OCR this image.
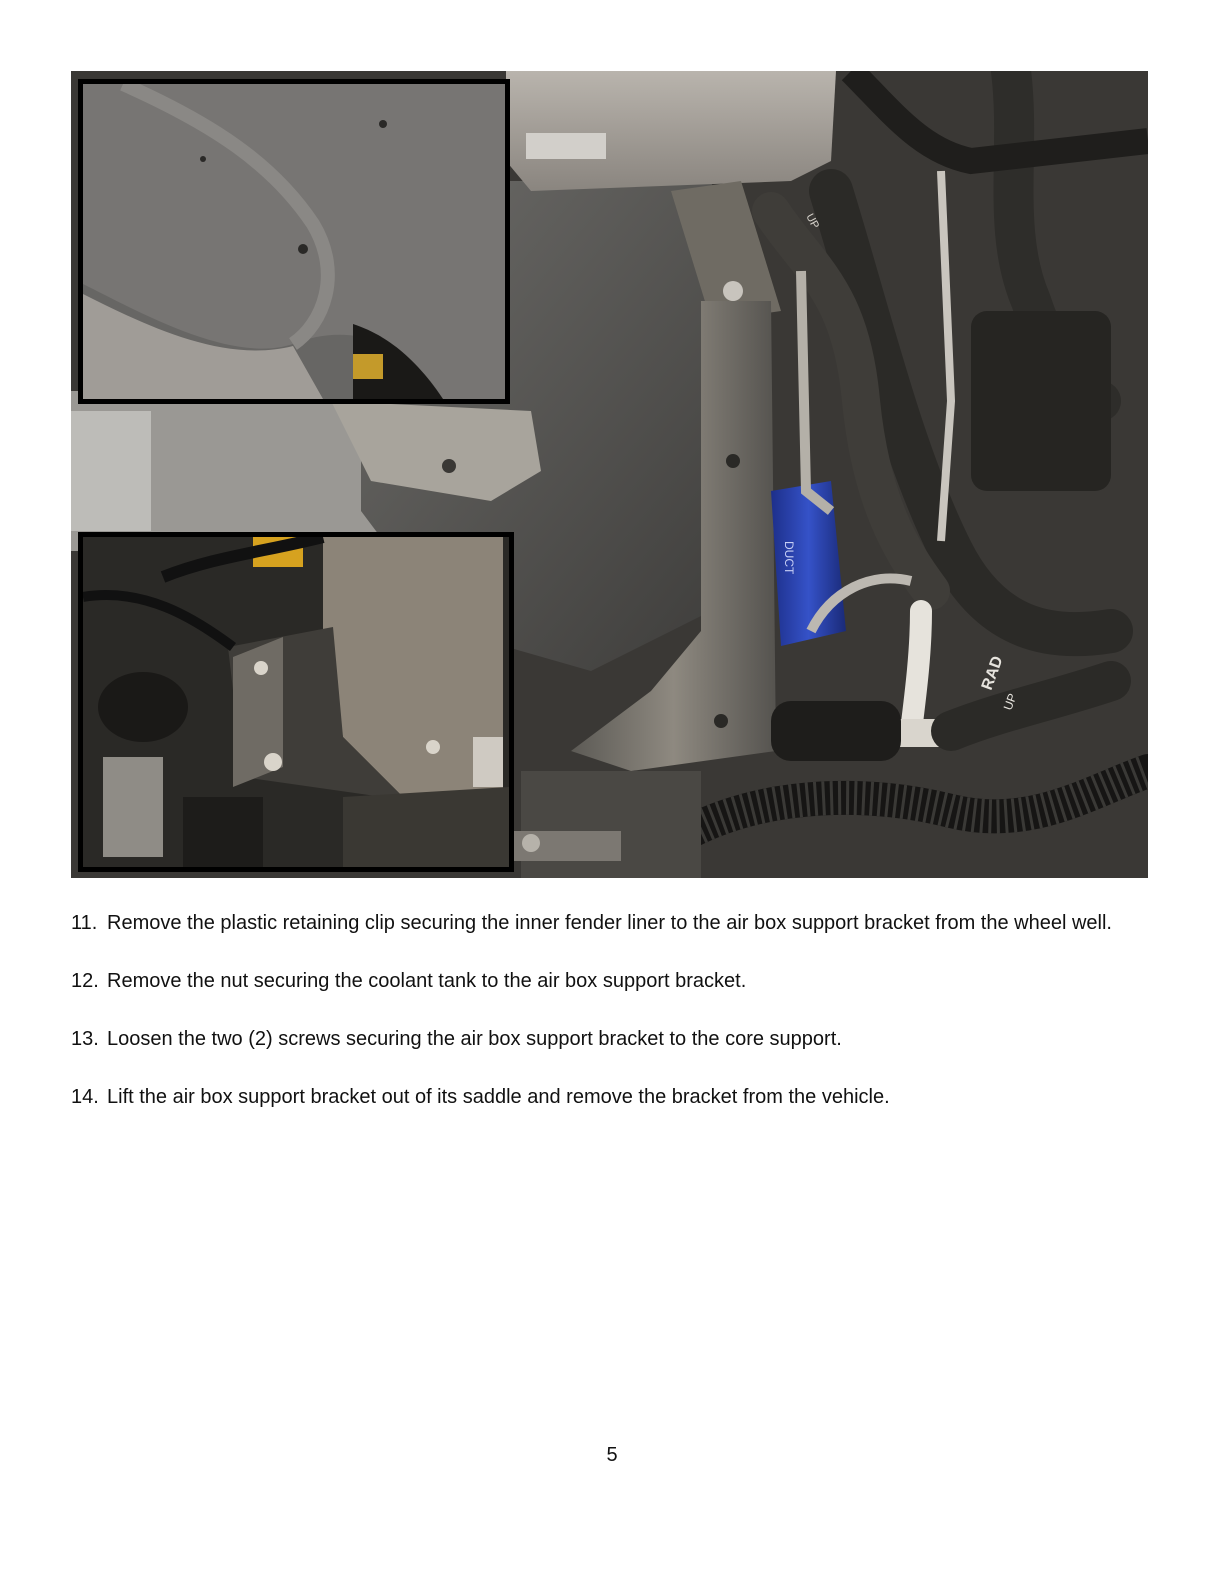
DUCT
UP
RAD
UP
11. Remove the plastic retaining clip securing the inner fender liner to the air box support bracket from the wheel well.
12. Remove the nut securing the coolant tank to the air box support bracket.
13. Loosen the two (2) screws securing the air box support bracket to the core support.
14. Lift the air box support bracket out of its saddle and remove the bracket from the vehicle.
5
